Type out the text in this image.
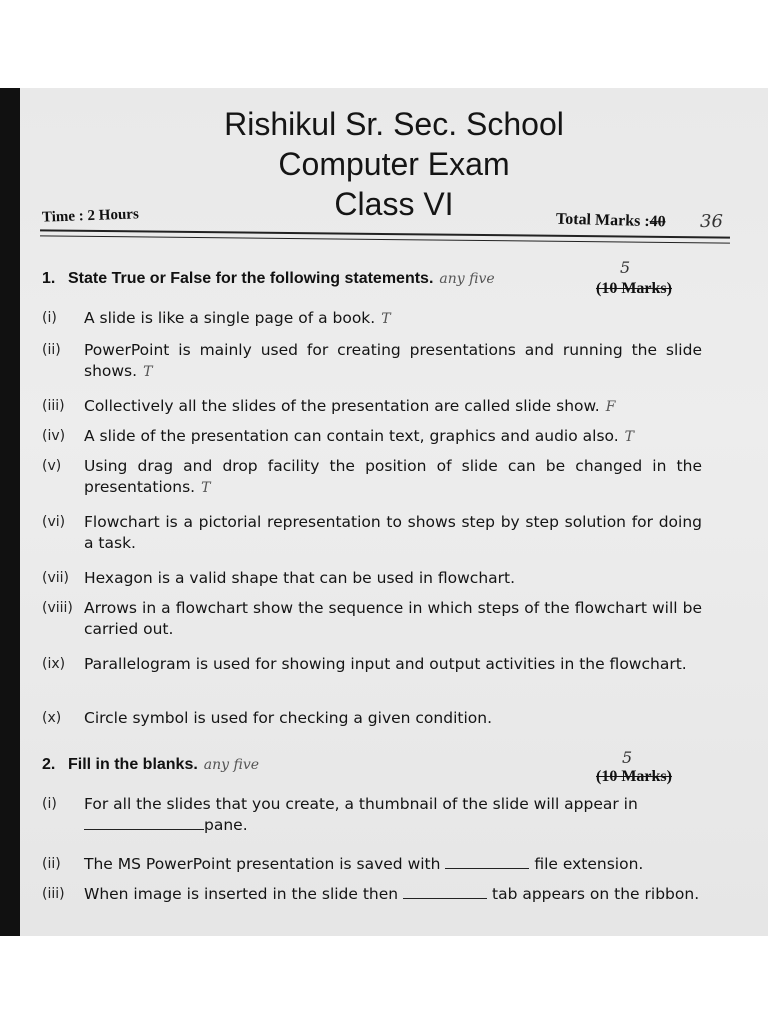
Rishikul Sr. Sec. School
Computer Exam
Class VI
Time : 2 Hours	Total Marks :40 36
1. State True or False for the following statements. any five
(10 Marks)
5
(i) A slide is like a single page of a book. T
(ii) PowerPoint is mainly used for creating presentations and running the slide shows. T
(iii) Collectively all the slides of the presentation are called slide show. F
(iv) A slide of the presentation can contain text, graphics and audio also. T
(v) Using drag and drop facility the position of slide can be changed in the presentations. T
(vi) Flowchart is a pictorial representation to shows step by step solution for doing a task.
(vii) Hexagon is a valid shape that can be used in flowchart.
(viii) Arrows in a flowchart show the sequence in which steps of the flowchart will be carried out.
(ix) Parallelogram is used for showing input and output activities in the flowchart.
(x) Circle symbol is used for checking a given condition.
2. Fill in the blanks. any five
(10 Marks)
5
(i) For all the slides that you create, a thumbnail of the slide will appear in
pane.
(ii) The MS PowerPoint presentation is saved with	file extension.
(iii) When image is inserted in the slide then	tab appears on the ribbon.
